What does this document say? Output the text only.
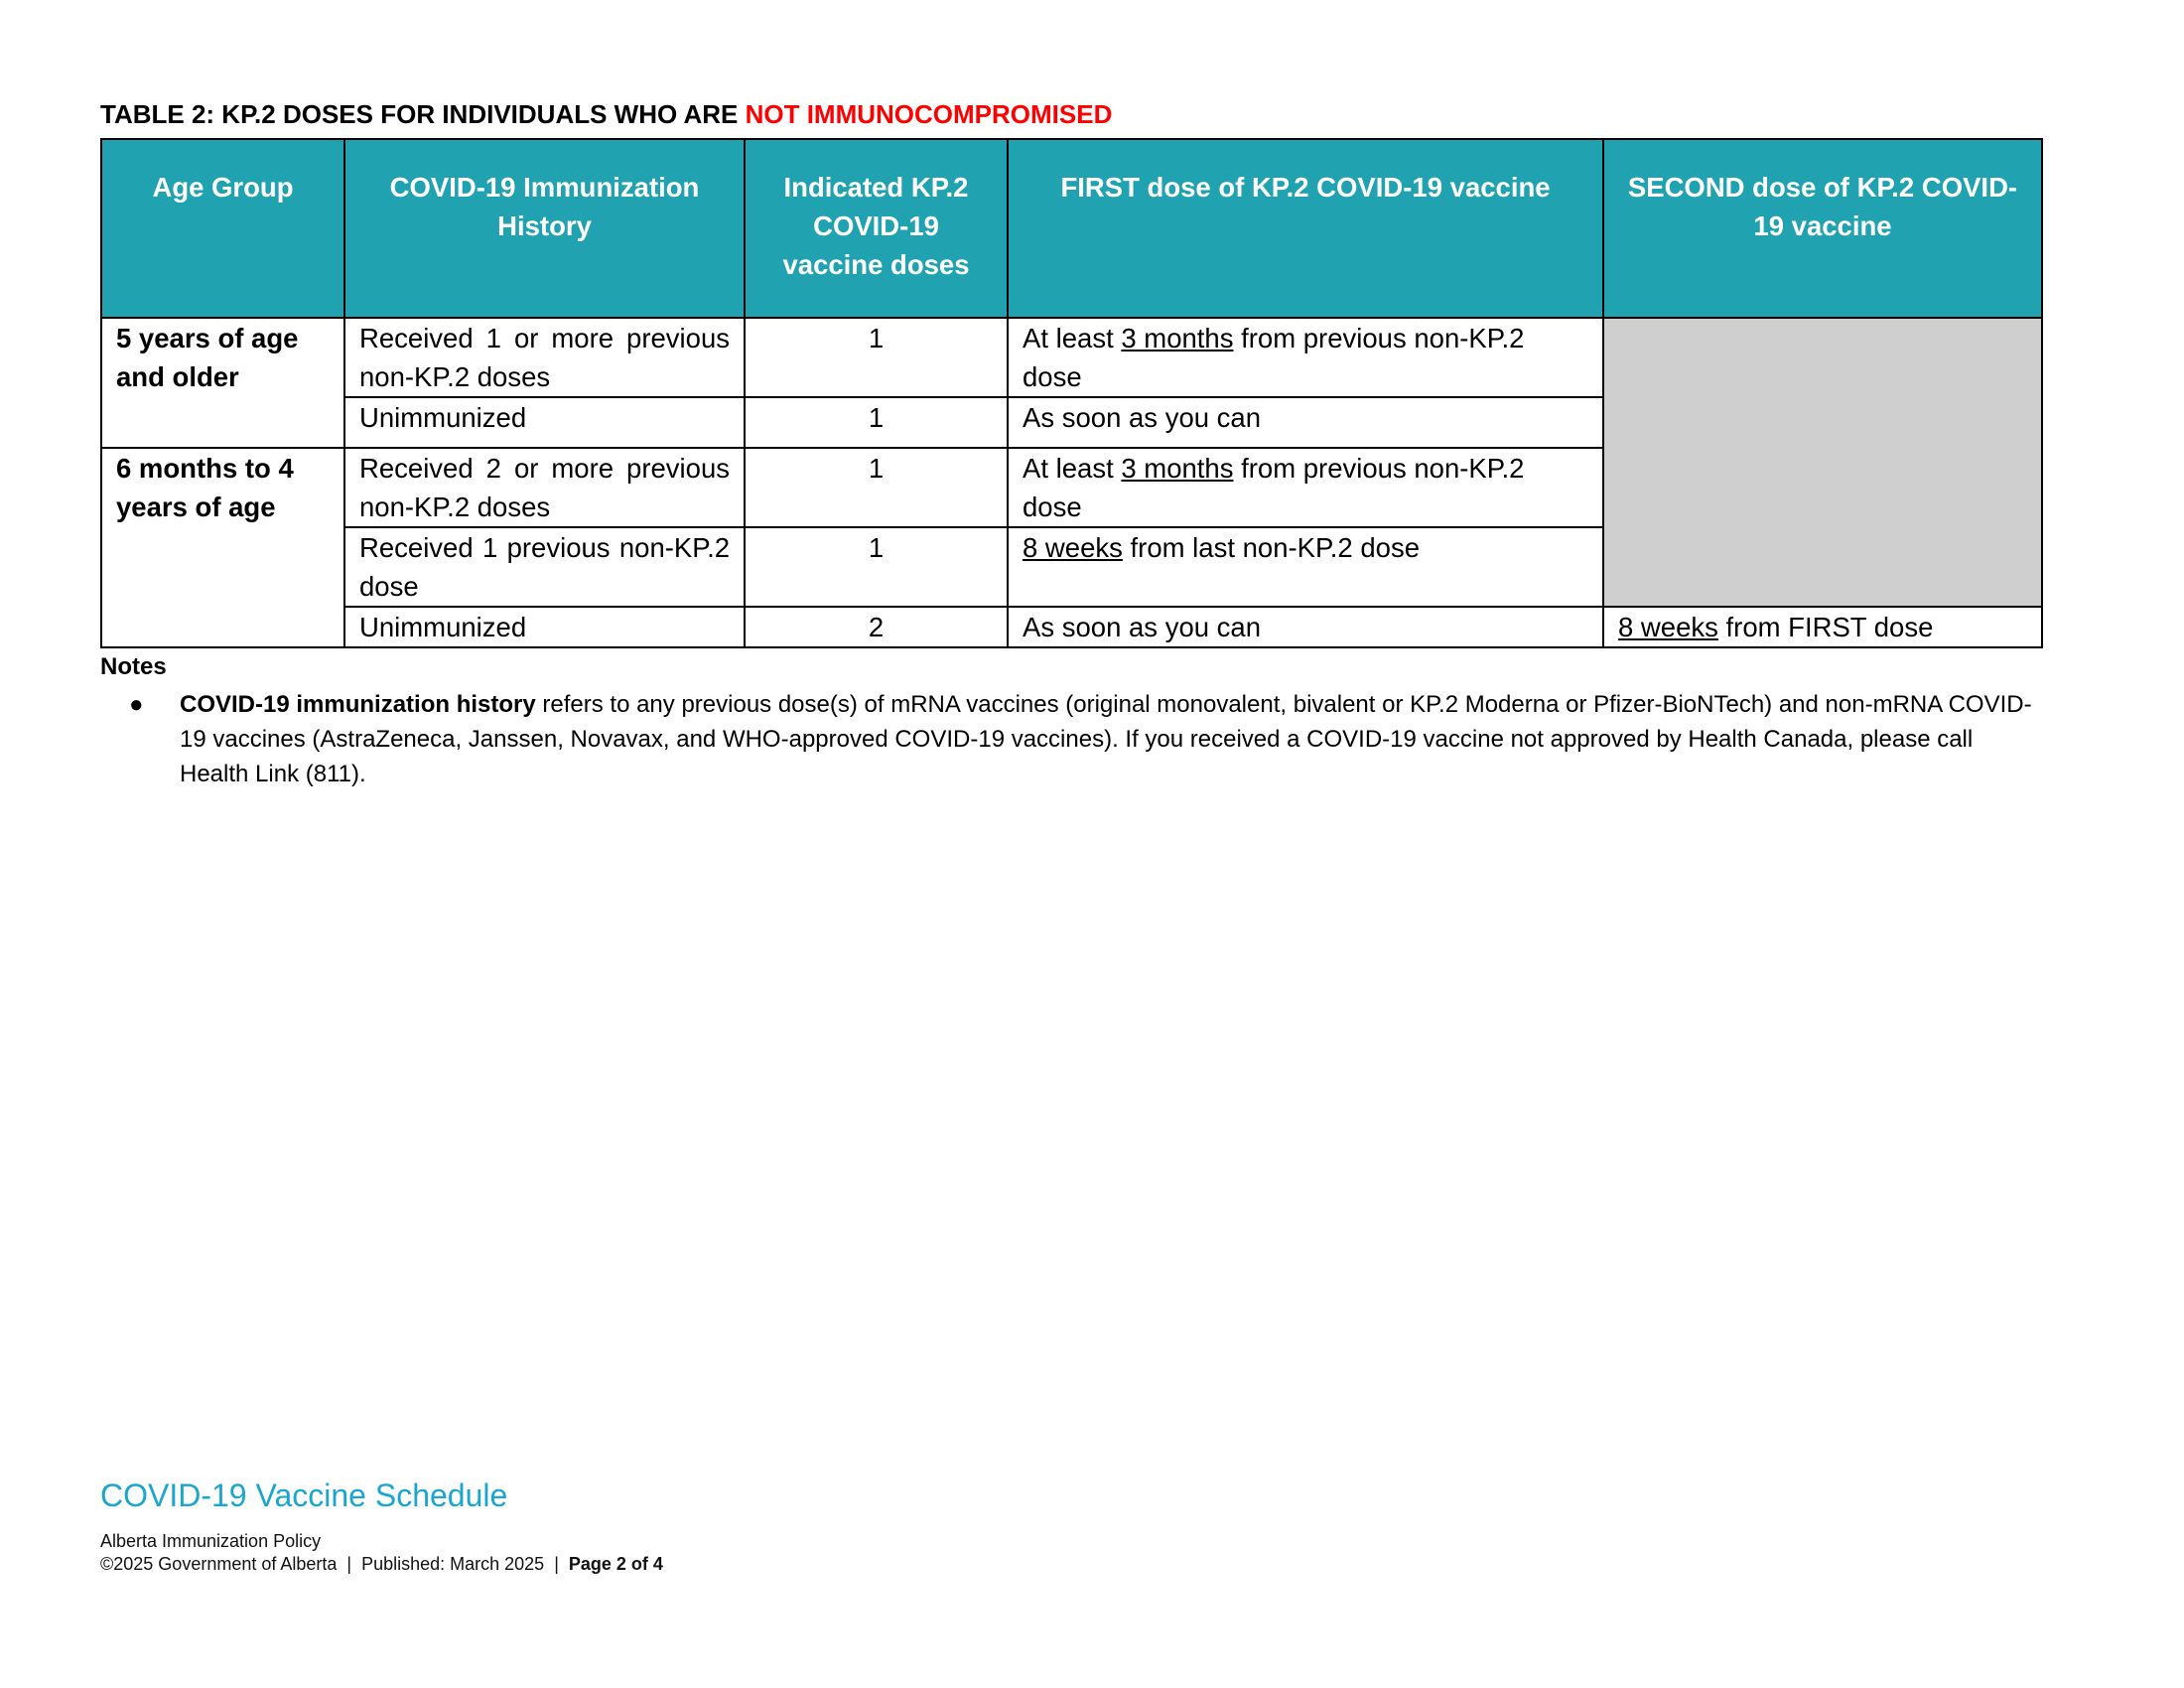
TABLE 2: KP.2 DOSES FOR INDIVIDUALS WHO ARE NOT IMMUNOCOMPROMISED
Age Group	COVID-19 Immunization History	Indicated KP.2 COVID-19 vaccine doses	FIRST dose of KP.2 COVID-19 vaccine	SECOND dose of KP.2 COVID-19 vaccine
5 years of age and older	Received 1 or more previous non-KP.2 doses	1	At least 3 months from previous non-KP.2 dose	
	Unimmunized	1	As soon as you can	
6 months to 4 years of age	Received 2 or more previous non-KP.2 doses	1	At least 3 months from previous non-KP.2 dose	
	Received 1 previous non-KP.2 dose	1	8 weeks from last non-KP.2 dose	
	Unimmunized	2	As soon as you can	8 weeks from FIRST dose
Notes
● COVID-19 immunization history refers to any previous dose(s) of mRNA vaccines (original monovalent, bivalent or KP.2 Moderna or Pfizer-BioNTech) and non-mRNA COVID-19 vaccines (AstraZeneca, Janssen, Novavax, and WHO-approved COVID-19 vaccines). If you received a COVID-19 vaccine not approved by Health Canada, please call Health Link (811).
COVID-19 Vaccine Schedule
Alberta Immunization Policy
©2025 Government of Alberta  |  Published: March 2025  |  Page 2 of 4
